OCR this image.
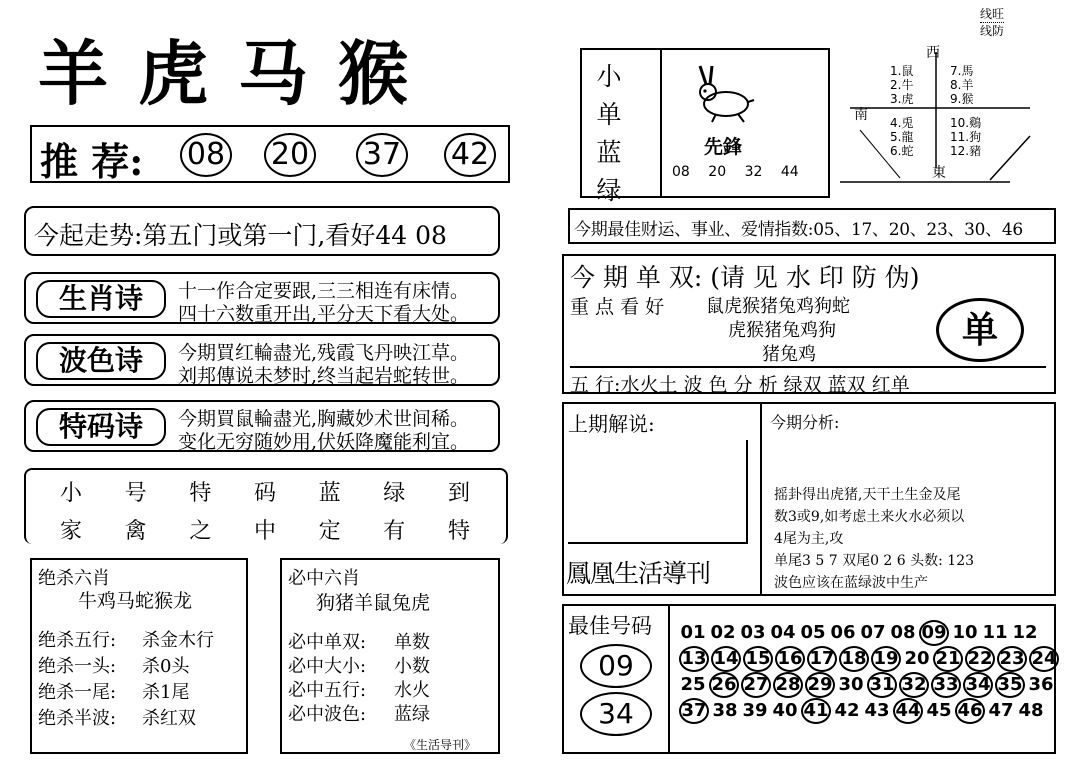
羊虎马猴
推 荐: 08 20 37 42
今起走势:第五门或第一门,看好44 08
生肖诗	十一作合定要跟,三三相连有床情。
四十六数重开出,平分天下看大处。
波色诗	今期買红輪盡光,残霞飞丹映江草。
刘邦傳说未梦时,终当起岩蛇转世。
特码诗	今期買鼠輪盡光,胸藏妙术世间稀。
变化无穷随妙用,伏妖降魔能利宜。
小 号 特 码 蓝 绿 到
家 禽 之 中 定 有 特
绝杀六肖
牛鸡马蛇猴龙
绝杀五行: 杀金木行
绝杀一头: 杀0头
绝杀一尾: 杀1尾
绝杀半波: 杀红双
必中六肖
狗猪羊鼠兔虎
必中单双: 单数
必中大小: 小数
必中五行: 水火
必中波色: 蓝绿
《生活导刊》
线旺
线防
小
单
蓝
绿
先鋒
08 20 32 44
西
南
東
1.鼠
2.牛
3.虎
4.兎
5.龍
6.蛇
7.馬
8.羊
9.猴
10.鷄
11.狗
12.豬
今期最佳财运、事业、爱情指数:05、17、20、23、30、46
今 期 单 双: (请 见 水 印 防 伪)
重 点 看 好 鼠虎猴猪兔鸡狗蛇
虎猴猪兔鸡狗
猪兔鸡
单
五 行:水火土 波 色 分 析 绿双 蓝双 红单
上期解说:	今期分析:
摇卦得出虎猪,天干土生金及尾
数3或9,如考虑土来火水必须以
4尾为主,攻
单尾3 5 7 双尾0 2 6 头数: 123
波色应该在蓝绿波中生产
鳳凰生活導刊
最佳号码
09
34
01 02 03 04 05 06 07 08 09 10 11 12
13 14 15 16 17 18 19 20 21 22 23 24
25 26 27 28 29 30 31 32 33 34 35 36
37 38 39 40 41 42 43 44 45 46 47 48
